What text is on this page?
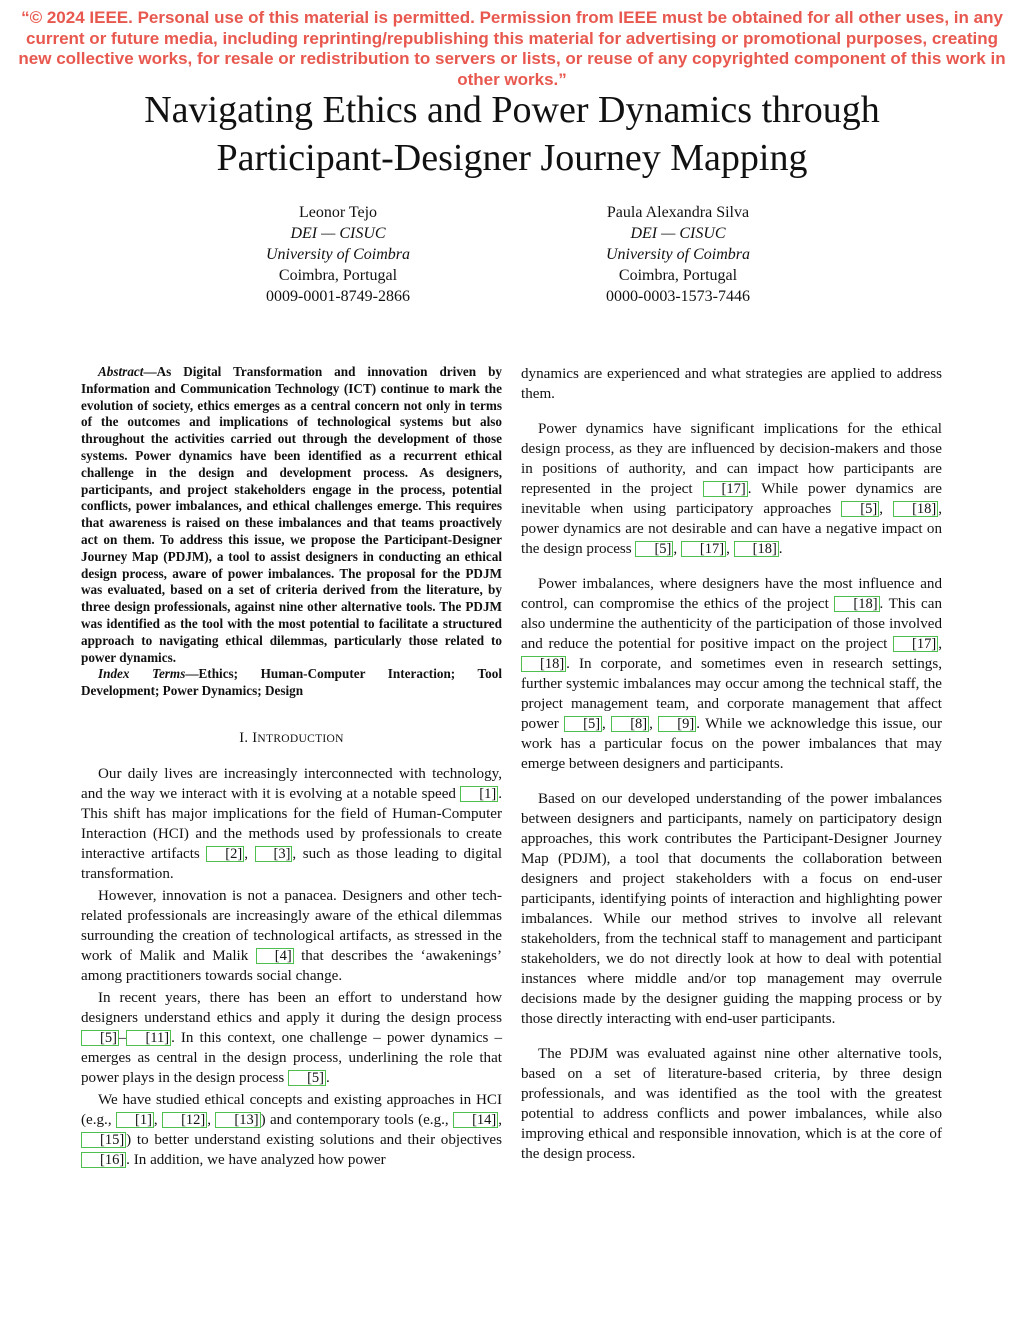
“© 2024 IEEE. Personal use of this material is permitted. Permission from IEEE must be obtained for all other uses, in any current or future media, including reprinting/republishing this material for advertising or promotional purposes, creating new collective works, for resale or redistribution to servers or lists, or reuse of any copyrighted component of this work in other works.”
Navigating Ethics and Power Dynamics through
Participant-Designer Journey Mapping
Leonor Tejo
DEI — CISUC
University of Coimbra
Coimbra, Portugal
0009-0001-8749-2866
Paula Alexandra Silva
DEI — CISUC
University of Coimbra
Coimbra, Portugal
0000-0003-1573-7446

Abstract—As Digital Transformation and innovation driven by Information and Communication Technology (ICT) continue to mark the evolution of society, ethics emerges as a central concern not only in terms of the outcomes and implications of technological systems but also throughout the activities carried out through the development of those systems. Power dynamics have been identified as a recurrent ethical challenge in the design and development process. As designers, participants, and project stakeholders engage in the process, potential conflicts, power imbalances, and ethical challenges emerge. This requires that awareness is raised on these imbalances and that teams proactively act on them. To address this issue, we propose the Participant-Designer Journey Map (PDJM), a tool to assist designers in conducting an ethical design process, aware of power imbalances. The proposal for the PDJM was evaluated, based on a set of criteria derived from the literature, by three design professionals, against nine other alternative tools. The PDJM was identified as the tool with the most potential to facilitate a structured approach to navigating ethical dilemmas, particularly those related to power dynamics.

Index Terms—Ethics; Human-Computer Interaction; Tool Development; Power Dynamics; Design

I. INTRODUCTION

Our daily lives are increasingly interconnected with technology, and the way we interact with it is evolving at a notable speed [1] . This shift has major implications for the field of Human-Computer Interaction (HCI) and the methods used by professionals to create interactive artifacts [2] , [3] , such as those leading to digital transformation.

However, innovation is not a panacea. Designers and other tech-related professionals are increasingly aware of the ethical dilemmas surrounding the creation of technological artifacts, as stressed in the work of Malik and Malik [4] that describes the ‘awakenings’ among practitioners towards social change.

In recent years, there has been an effort to understand how designers understand ethics and apply it during the design process [5] – [11] . In this context, one challenge – power dynamics – emerges as central in the design process, underlining the role that power plays in the design process [5] .

We have studied ethical concepts and existing approaches in HCI (e.g., [1] , [12] , [13] ) and contemporary tools (e.g., [14] , [15] ) to better understand existing solutions and their objectives [16] . In addition, we have analyzed how power

dynamics are experienced and what strategies are applied to address them.

Power dynamics have significant implications for the ethical design process, as they are influenced by decision-makers and those in positions of authority, and can impact how participants are represented in the project [17] . While power dynamics are inevitable when using participatory approaches [5] , [18] , power dynamics are not desirable and can have a negative impact on the design process [5] , [17] , [18] .

Power imbalances, where designers have the most influence and control, can compromise the ethics of the project [18] . This can also undermine the authenticity of the participation of those involved and reduce the potential for positive impact on the project [17] , [18] . In corporate, and sometimes even in research settings, further systemic imbalances may occur among the technical staff, the project management team, and corporate management that affect power [5] , [8] , [9] . While we acknowledge this issue, our work has a particular focus on the power imbalances that may emerge between designers and participants.

Based on our developed understanding of the power imbalances between designers and participants, namely on participatory design approaches, this work contributes the Participant-Designer Journey Map (PDJM), a tool that documents the collaboration between designers and project stakeholders with a focus on end-user participants, identifying points of interaction and highlighting power imbalances. While our method strives to involve all relevant stakeholders, from the technical staff to management and participant stakeholders, we do not directly look at how to deal with potential instances where middle and/or top management may overrule decisions made by the designer guiding the mapping process or by those directly interacting with end-user participants.

The PDJM was evaluated against nine other alternative tools, based on a set of literature-based criteria, by three design professionals, and was identified as the tool with the greatest potential to address conflicts and power imbalances, while also improving ethical and responsible innovation, which is at the core of the design process.
